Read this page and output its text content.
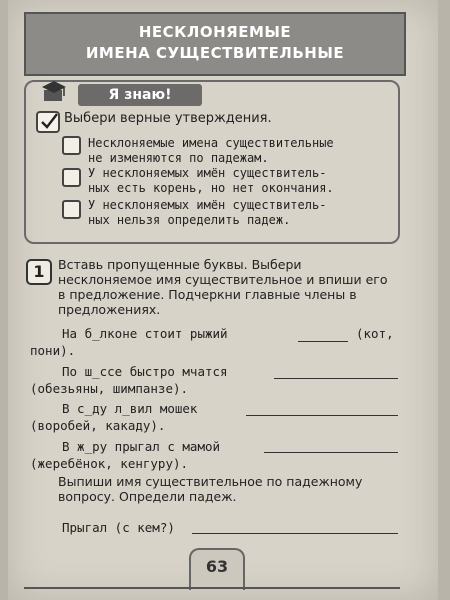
НЕСКЛОНЯЕМЫЕ
ИМЕНА СУЩЕСТВИТЕЛЬНЫЕ
Я знаю!
Выбери верные утверждения.
Несклоняемые имена существительные
не изменяются по падежам.
У несклоняемых имён существитель-
ных есть корень, но нет окончания.
У несклоняемых имён существитель-
ных нельзя определить падеж.
1	Вставь пропущенные буквы. Выбери несклоняемое имя существительное и впиши его в предложение. Подчеркни главные члены в предложениях.
На б_лконе стоит рыжий	(кот,
пони).
По ш_ссе быстро мчатся
(обезьяны, шимпанзе).
В с_ду л_вил мошек
(воробей, какаду).
В ж_ру прыгал с мамой
(жеребёнок, кенгуру).
Выпиши имя существительное по падежному вопросу. Определи падеж.
Прыгал (с кем?)
63
